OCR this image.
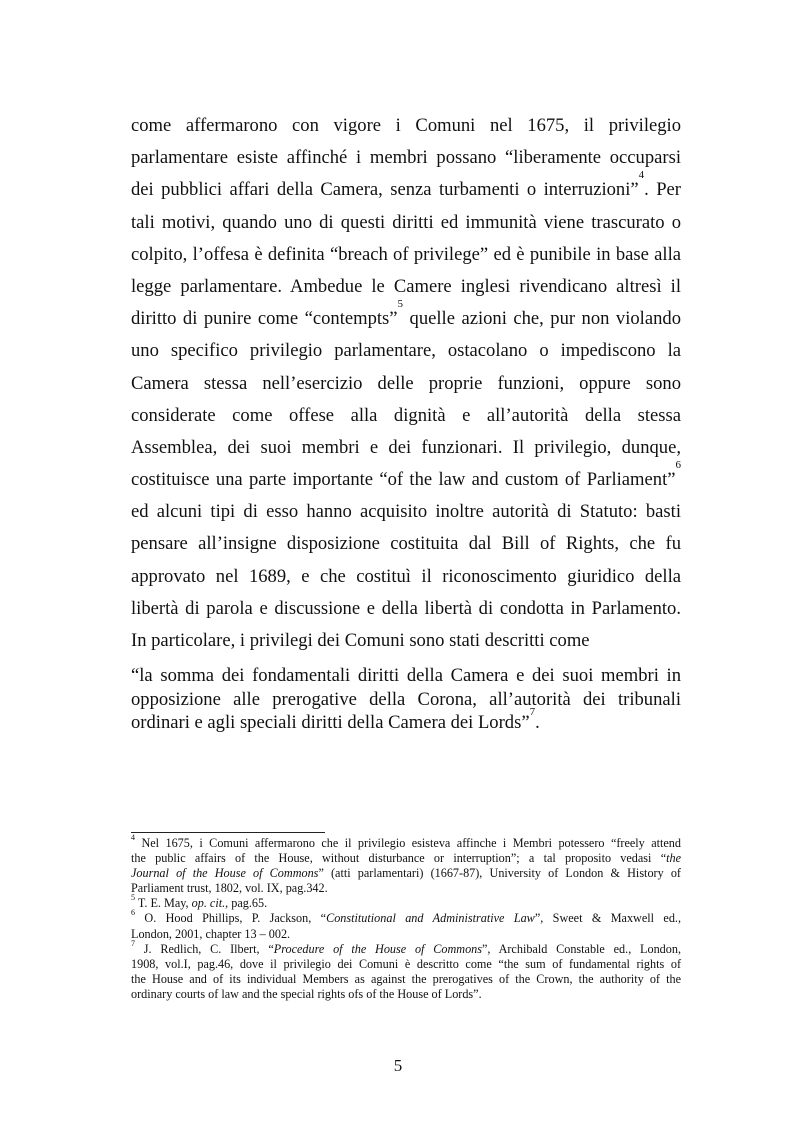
come affermarono con vigore i Comuni nel 1675, il privilegio
parlamentare esiste affinché i membri possano “liberamente occuparsi
dei pubblici affari della Camera, senza turbamenti o interruzioni”$^4$. Per
tali motivi, quando uno di questi diritti ed immunità viene trascurato o
colpito, l’offesa è definita “breach of privilege” ed è punibile in base alla
legge parlamentare. Ambedue le Camere inglesi rivendicano altresì il
diritto di punire come “contempts”$^5$ quelle azioni che, pur non violando
uno specifico privilegio parlamentare, ostacolano o impediscono la
Camera stessa nell’esercizio delle proprie funzioni, oppure sono
considerate come offese alla dignità e all’autorità della stessa
Assemblea, dei suoi membri e dei funzionari. Il privilegio, dunque,
costituisce una parte importante “of the law and custom of Parliament”$^6$
ed alcuni tipi di esso hanno acquisito inoltre autorità di Statuto: basti
pensare all’insigne disposizione costituita dal Bill of Rights, che fu
approvato nel 1689, e che costituì il riconoscimento giuridico della
libertà di parola e discussione e della libertà di condotta in Parlamento.
In particolare, i privilegi dei Comuni sono stati descritti come
“la somma dei fondamentali diritti della Camera e dei suoi membri in
opposizione alle prerogative della Corona, all’autorità dei tribunali
ordinari e agli speciali diritti della Camera dei Lords”$^7$.
$^4$ Nel 1675, i Comuni affermarono che il privilegio esisteva affinche i Membri potessero “freely attend
the public affairs of the House, without disturbance or interruption”; a tal proposito vedasi “the
Journal of the House of Commons” (atti parlamentari) (1667-87), University of London & History of
Parliament trust, 1802, vol. IX, pag.342.
$^5$ T. E. May, op. cit., pag.65.
$^6$ O. Hood Phillips, P. Jackson, “Constitutional and Administrative Law”, Sweet & Maxwell ed.,
London, 2001, chapter 13 – 002.
$^7$ J. Redlich, C. Ilbert, “Procedure of the House of Commons”, Archibald Constable ed., London,
1908, vol.I, pag.46, dove il privilegio dei Comuni è descritto come “the sum of fundamental rights of
the House and of its individual Members as against the prerogatives of the Crown, the authority of the
ordinary courts of law and the special rights ofs of the House of Lords”.
5
